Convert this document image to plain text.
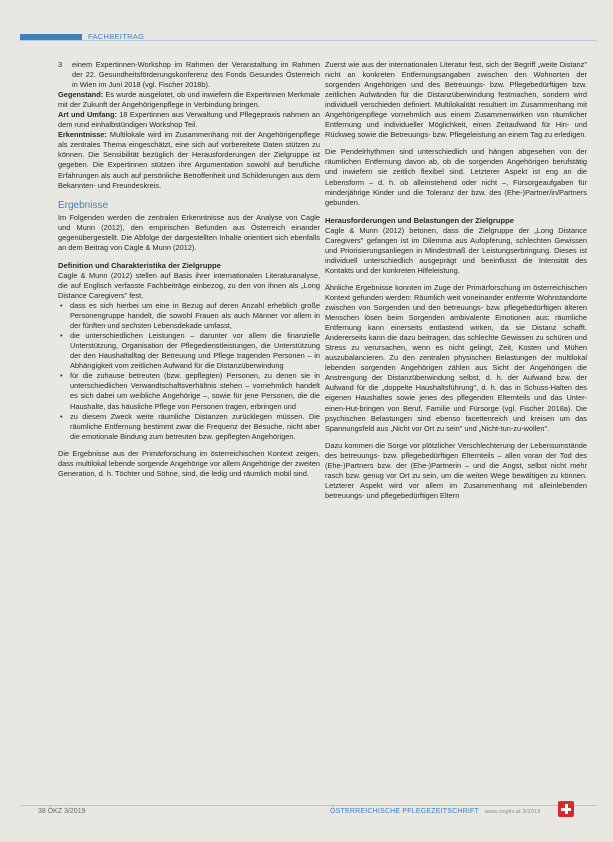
FACHBEITRAG
3	einem Expertinnen-Workshop im Rahmen der Veranstaltung im Rahmen der 22. Gesundheitsförderungskonferenz des Fonds Gesundes Österreich in Wien im Juni 2018 (vgl. Fischer 2018b).

Gegenstand: Es wurde ausgelotet, ob und inwiefern die Expertinnen Merkmale mit der Zukunft der Angehörigenpflege in Verbindung bringen.

Art und Umfang: 18 Expertinnen aus Verwaltung und Pflegepraxis nahmen an dem rund einhalbstündigen Workshop Teil.

Erkenntnisse: Multilokale wird im Zusammenhang mit der Angehörigenpflege als zentrales Thema eingeschätzt, eine sich auf vorbereitete Daten stützen zu können. Die Sensibilität bezüglich der Herausforderungen der Zielgruppe ist gegeben. Die Expertinnen stützen ihre Argumentation sowohl auf berufliche Erfahrungen als auch auf persönliche Betroffenheit und Schilderungen aus dem Bekannten- und Freundeskreis.

Ergebnisse

Im Folgenden werden die zentralen Erkenntnisse aus der Analyse von Cagle und Munn (2012), den empirischen Befunden aus Österreich einander gegenübergestellt. Die Abfolge der dargestellten Inhalte orientiert sich ebenfalls an dem Beitrag von Cagle & Munn (2012).

Definition und Charakteristika der Zielgruppe

Cagle & Munn (2012) stellen auf Basis ihrer internationalen Literaturanalyse, die auf Englisch verfasste Fachbeiträge einbezog, zu den von ihnen als „Long Distance Caregivers" fest,

• dass es sich hierbei um eine in Bezug auf deren Anzahl erheblich große Personengruppe handelt, die sowohl Frauen als auch Männer vor allem in der fünften und sechsten Lebensdekade umfasst,
• die unterschiedlichen Leistungen – darunter vor allem die finanzielle Unterstützung, Organisation der Pflegedienstleistungen, die Unterstützung der den Haushaltalltag der Betreuung und Pflege tragenden Personen – in Abhängigkeit vom zeitlichen Aufwand für die Distanzüberwindung
• für die zuhause betreuten (bzw. gepflegten) Personen, zu denen sie in unterschiedlichen Verwandtschaftsverhältnis stehen – vornehmlich handelt es sich dabei um weibliche Angehörige –, sowie für jene Personen, die die Haushalte, das häusliche Pflege von Personen tragen, erbringen und
• zu diesem Zweck weite räumliche Distanzen zurücklegen müssen. Die räumliche Entfernung bestimmt zwar die Frequenz der Besuche, nicht aber die emotionale Bindung zum betreuten bzw. gepflegten Angehörigen.

Die Ergebnisse aus der Primärforschung im österreichischen Kontext zeigen, dass multilokal lebende sorgende Angehörige vor allem Angehörige der zweiten Generation, d. h. Töchter und Söhne, sind, die ledig und räumlich mobil sind.

Zuerst wie aus der internationalen Literatur fest, sich der Begriff „weite Distanz" nicht an konkreten Entfernungsangaben zwischen den Wohnorten der sorgenden Angehörigen und des Betreuungs- bzw. Pflegebedürftigen bzw. zeitlichen Aufwänden für die Distanzüberwindung festmachen, sondern wird individuell verschieden definiert. Multilokalität resultiert im Zusammenhang mit Angehörigenpflege vornehmlich aus einem Zusammenwirken von räumlicher Entfernung und individueller Möglichkeit, einen Zeitaufwand für Hin- und Rückweg sowie die Betreuungs- bzw. Pflegeleistung an einem Tag zu erledigen.

Die Pendelrhythmen sind unterschiedlich und hängen abgesehen von der räumlichen Entfernung davon ab, ob die sorgenden Angehörigen berufstätig und inwiefern sie zeitlich flexibel sind. Letzterer Aspekt ist eng an die Lebensform – d. h. ob alleinstehend oder nicht –, Fürsorgeaufgaben für minderjährige Kinder und die Toleranz der bzw. des (Ehe-)Partner/in/Partners gebunden.

Herausforderungen und Belastungen der Zielgruppe

Cagle & Munn (2012) betonen, dass die Zielgruppe der „Long Distance Caregivers" gefangen ist im Dilemma aus Aufopferung, schlechten Gewissen und Priorisierungsanliegen in Mindestmaß der Leistungserbringung. Dieses ist individuell unterschiedlich ausgeprägt und beeinflusst die Intensität des Kontakts und der konkreten Hilfeleistung.

Ähnliche Ergebnisse konnten im Zuge der Primärforschung im österreichischen Kontext gefunden werden: Räumlich weit voneinander entfernte Wohnstandorte zwischen von Sorgenden und den betreuungs- bzw. pflegebedürftigen älteren Menschen lösen beim Sorgenden ambivalente Emotionen aus: räumliche Entfernung kann einerseits entlastend wirken, da sie Distanz schafft. Andererseits kann die dazu beitragen, das schlechte Gewissen zu schüren und Stress zu verursachen, wenn es nicht gelingt, Zeit, Kosten und Mühen auszubalancieren. Zu den zentralen physischen Belastungen der multilokal lebenden sorgenden Angehörigen zählen aus Sicht der Angehörigen die Anstrengung der Distanzüberwindung selbst, d. h. der Aufwand bzw. der Aufwand für die „doppelte Haushaltsführung", d. h. das in Schuss-Halten des eigenen Haushaltes sowie jenes des pflegenden Elternteils und das Unter-einen-Hut-bringen von Beruf, Familie und Fürsorge (vgl. Fischer 2018a). Die psychischen Belastungen sind ebenso facettenreich und kreisen um das Spannungsfeld aus „Nicht vor Ort zu sein" und „Nicht-tun-zu-wollen".

Dazu kommen die Sorge vor plötzlicher Verschlechterung der Lebensumstände des betreuungs- bzw. pflegebedürftigen Elternteils – allen voran der Tod des (Ehe-)Partners bzw. der (Ehe-)Partnerin – und die Angst, selbst nicht mehr rasch bzw. genug vor Ort zu sein, um die weiten Wege bewältigen zu können. Letzterer Aspekt wird vor allem im Zusammenhang mit alleinlebenden betreuungs- und pflegebedürftigen Eltern

38 ÖKZ 3/2019	ÖSTERREICHISCHE PFLEGEZEITSCHRIFT www.oegkv.at 3/2019
